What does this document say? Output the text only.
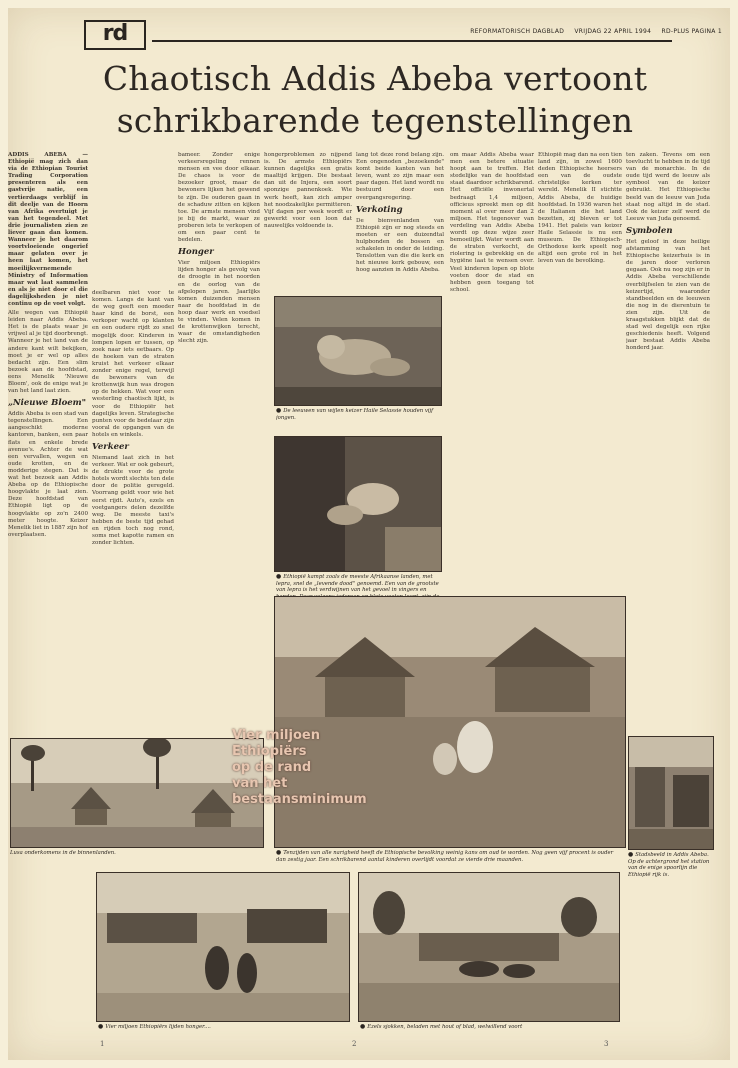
rd	REFORMATORISCH DAGBLAD VRIJDAG 22 APRIL 1994 RD-PLUS PAGINA 1
Chaotisch Addis Abeba vertoont
schrikbarende tegenstellingen

ADDIS ABEBA — Ethiopië mag zich dan via de Ethiopian Tourist Trading Corporation presenteren als een gastvrije natie, een vertierdaags verblijf in dit deelje van de Hoorn van Afrika overtuigt je van het tegendeel. Met drie journalisten zien ze liever gaan dan komen. Wanneer je het daarom voortvloeiende ongerief maar gelaten over je heen laat komen, het moeilijkvernemende Ministry of Information maar wat laat sammelen en als je niet door el die dagelijksheden je niet continu op de voet volgt.

Alle wegen van Ethiopië leiden naar Addis Abeba. Het is de plaats waar je vrijwel al je tijd doorbrengt. Wanneer je het land van de andere kant wilt bekijken, moet je er wel op alles bedacht zijn. Een slim bezoek aan de hoofdstad, eens Menelik 'Nieuwe Bloem', ook de enige wat je van het land laat zien.

„Nieuwe Bloem"

Addis Abeba is een stad van tegenstellingen. Een aangeschikt moderne kantoren, banken, een paar flats en enkele brede avenue's. Achter de wat een vervallen, wegen en oude krotten, en de modderige stegen. Dat is wat het bezoek aan Addis Abeba op de Ethiopische hoogvlakte je laat zien. Deze hoofdstad van Ethiopië ligt op de hoogvlakte op zo'n 2400 meter hoogte. Keizer Menelik liet in 1887 zijn hof overplaatsen.

deelbaren niet voor te komen. Langs de kant van de weg geeft een moeder haar kind de borst, een verkoper wacht op klanten en een oudere rijdt zo snel mogelijk door. Kinderen in lompen lopen er tussen, op zoek naar iets eetbaars. Op de hoeken van de straten kruist het verkeer elkaar zonder enige regel, terwijl de bewoners van de krottenwijk hun was drogen op de hekken. Wat voor een westerling chaotisch lijkt, is voor de Ethiopiër het dagelijks leven. Strategische punten voor de bedelaar zijn vooral de opgangen van de hotels en winkels.

Verkeer

Niemand laat zich in het verkeer. Wat er ook gebeurt, de drukte voor de grote hotels wordt slechts ten dele door de politie geregeld. Voorrang geldt voor wie het eerst rijdt. Auto's, ezels en voetgangers delen dezelfde weg. De meeste taxi's hebben de beste tijd gehad en rijden toch nog rond, soms met kapotte ramen en zonder lichten.

bameer. Zonder enige verkeersregeling rennen mensen en vee door elkaar. De chaos is voor de bezoeker groot, maar de bewoners lijken het gewend te zijn. De ouderen gaan in de schaduw zitten en kijken toe. De armste mensen vind je bij de markt, waar ze proberen iets te verkopen of om een paar cent te bedelen.

Honger

Vier miljoen Ethiopiërs lijden honger als gevolg van de droogte in het noorden en de oorlog van de afgelopen jaren. Jaarlijks komen duizenden mensen naar de hoofdstad in de hoop daar werk en voedsel te vinden. Velen komen in de krottenwijken terecht, waar de omstandigheden slecht zijn.

hongerproblemen zo nijpend is. De armste Ethiopiërs kunnen dagelijks een gratis maaltijd krijgen. Die bestaat dan uit de Injera, een soort sponzige pannenkoek. Wie werk heeft, kan zich amper het noodzakelijke permitteren. Vijf dagen per week wordt er gewerkt voor een loon dat nauwelijks voldoende is.

lang tot deze rond belang zijn. Een ongenoden „bezoekende" komt beide kanten van het leven, want zo zijn maar een paar dagen. Het land wordt nu bestuurd door een overgangsregering.

Verkoting

De bienvenlanden van Ethiopië zijn er nog steeds en moeten er een duizendtal hulpbonden de bossen en schakelen in onder de leiding. Tenslotten van die die kerk en het nieuwe kerk gebouw, een hoog aanzien in Addis Abeba.

om maar Addis Abeba waar men een betere situatie hoopt aan te treffen. Het stedelijke van de hoofdstad staat daardoor schrikbarend. Het officiële inwonertal bedraagt 1,4 miljoen, officieus spreekt men op dit moment al over meer dan 2 miljoen. Het tegenover van verdeling van Addis Abeba wordt op deze wijze zeer bemoeilijkt. Water wordt aan de straten verkocht, de riolering is gebrekkig en de hygiëne laat te wensen over. Veel kinderen lopen op blote voeten door de stad en hebben geen toegang tot school.

Ethiopië mag dan na een tien land zijn, in zowel 1600 deden Ethiopische heersers een van de oudste christelijke kerken ter wereld. Menelik II stichtte Addis Abeba, de huidige hoofdstad. In 1936 waren het de Italianen die het land bezetten, zij bleven er tot 1941. Het paleis van keizer Haile Selassie is nu een museum. De Ethiopisch-Orthodoxe kerk speelt nog altijd een grote rol in het leven van de bevolking.

ten zaken. Tevens om een toevlucht te hebben in de tijd van de monarchie. In de oude tijd werd de leeuw als symbool van de keizer gebruikt. Het Ethiopische beeld van de leeuw van Juda staat nog altijd in de stad. Ook de keizer zelf werd de Leeuw van Juda genoemd.

Symbolen

Het geloof in deze heilige afstamming van het Ethiopische keizerhuis is in de jaren door verloren gegaan. Ook nu nog zijn er in Addis Abeba verschillende overblijfselen te zien van de keizertijd, waaronder standbeelden en de leeuwen die nog in de dierentuin te zien zijn. Uit de kraagstukken blijkt dat de stad wel degelijk een rijke geschiedenis heeft. Volgend jaar bestaat Addis Abeba honderd jaar.

● De leeuwen van wijlen keizer Haile Selassie houden vijf jongen.
● Ethiopië kampt zoals de meeste Afrikaanse landen, met lepra, snel de „levende dood" genoemd. Een van de grootste van lepra is het verdwijnen van het gevoel in vingers en
Lusa onderkomens in de binnenlanden.
Vier miljoen
Ethiopiërs
op de rand
van het
bestaansminimum
● Tenzijden van alle narigheid heeft de Ethiopische bevolking weinig kans om oud te worden. Nog geen vijf procent is ouder dan zestig jaar. Een schrikbarend aantal kinderen overlijdt voordat ze vierde drie maanden.
● Stadsbeeld in Addis Abeba. Op de achtergrond het station van de enige spoorlijn die Ethiopië rijk is.
● Vier miljoen Ethiopiërs lijden honger....	● Ezels sjokken, beladen met hout of blad, welwillend voort
1	2	3
